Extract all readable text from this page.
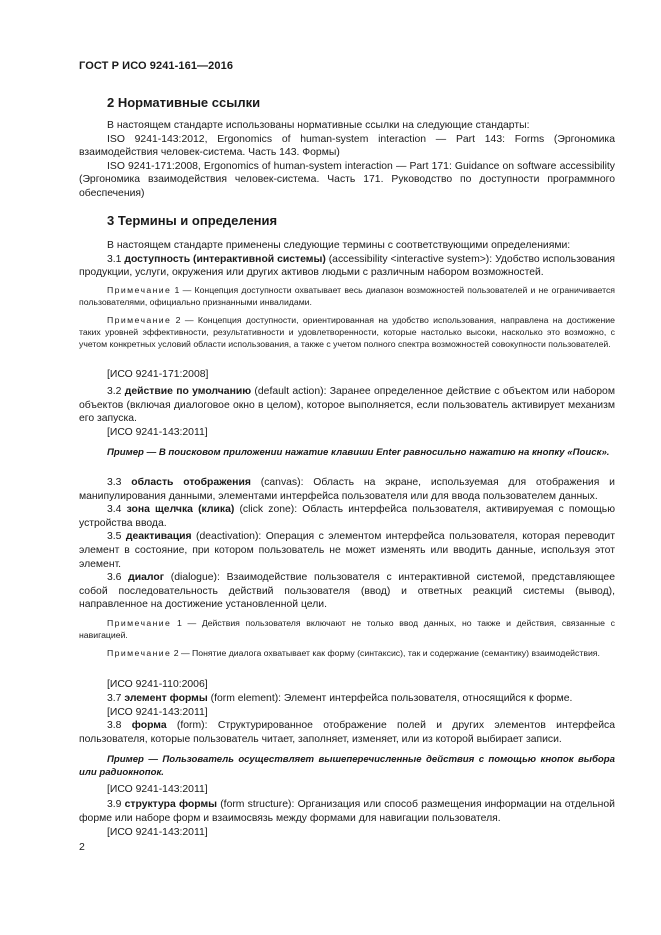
ГОСТ Р ИСО 9241-161—2016
2 Нормативные ссылки

В настоящем стандарте использованы нормативные ссылки на следующие стандарты:

ISO 9241-143:2012, Ergonomics of human-system interaction — Part 143: Forms (Эргономика взаимодействия человек-система. Часть 143. Формы)

ISO 9241-171:2008, Ergonomics of human-system interaction — Part 171: Guidance on software accessibility (Эргономика взаимодействия человек-система. Часть 171. Руководство по доступности программного обеспечения)

3 Термины и определения

В настоящем стандарте применены следующие термины с соответствующими определениями:

3.1 доступность (интерактивной системы) (accessibility <interactive system>): Удобство использования продукции, услуги, окружения или других активов людьми с различным набором возможностей.

Примечание 1 — Концепция доступности охватывает весь диапазон возможностей пользователей и не ограничивается пользователями, официально признанными инвалидами.

Примечание 2 — Концепция доступности, ориентированная на удобство использования, направлена на достижение таких уровней эффективности, результативности и удовлетворенности, которые настолько высоки, насколько это возможно, с учетом конкретных условий области использования, а также с учетом полного спектра возможностей совокупности пользователей.

[ИСО 9241-171:2008]

3.2 действие по умолчанию (default action): Заранее определенное действие с объектом или набором объектов (включая диалоговое окно в целом), которое выполняется, если пользователь активирует механизм его запуска.

[ИСО 9241-143:2011]

Пример — В поисковом приложении нажатие клавиши Enter равносильно нажатию на кнопку «Поиск».

3.3 область отображения (canvas): Область на экране, используемая для отображения и манипулирования данными, элементами интерфейса пользователя или для ввода пользователем данных.

3.4 зона щелчка (клика) (click zone): Область интерфейса пользователя, активируемая с помощью устройства ввода.

3.5 деактивация (deactivation): Операция с элементом интерфейса пользователя, которая переводит элемент в состояние, при котором пользователь не может изменять или вводить данные, используя этот элемент.

3.6 диалог (dialogue): Взаимодействие пользователя с интерактивной системой, представляющее собой последовательность действий пользователя (ввод) и ответных реакций системы (вывод), направленное на достижение установленной цели.

Примечание 1 — Действия пользователя включают не только ввод данных, но также и действия, связанные с навигацией.

Примечание 2 — Понятие диалога охватывает как форму (синтаксис), так и содержание (семантику) взаимодействия.

[ИСО 9241-110:2006]

3.7 элемент формы (form element): Элемент интерфейса пользователя, относящийся к форме.

[ИСО 9241-143:2011]

3.8 форма (form): Структурированное отображение полей и других элементов интерфейса пользователя, которые пользователь читает, заполняет, изменяет, или из которой выбирает записи.

Пример — Пользователь осуществляет вышеперечисленные действия с помощью кнопок выбора или радиокнопок.

[ИСО 9241-143:2011]

3.9 структура формы (form structure): Организация или способ размещения информации на отдельной форме или наборе форм и взаимосвязь между формами для навигации пользователя.

[ИСО 9241-143:2011]
2
